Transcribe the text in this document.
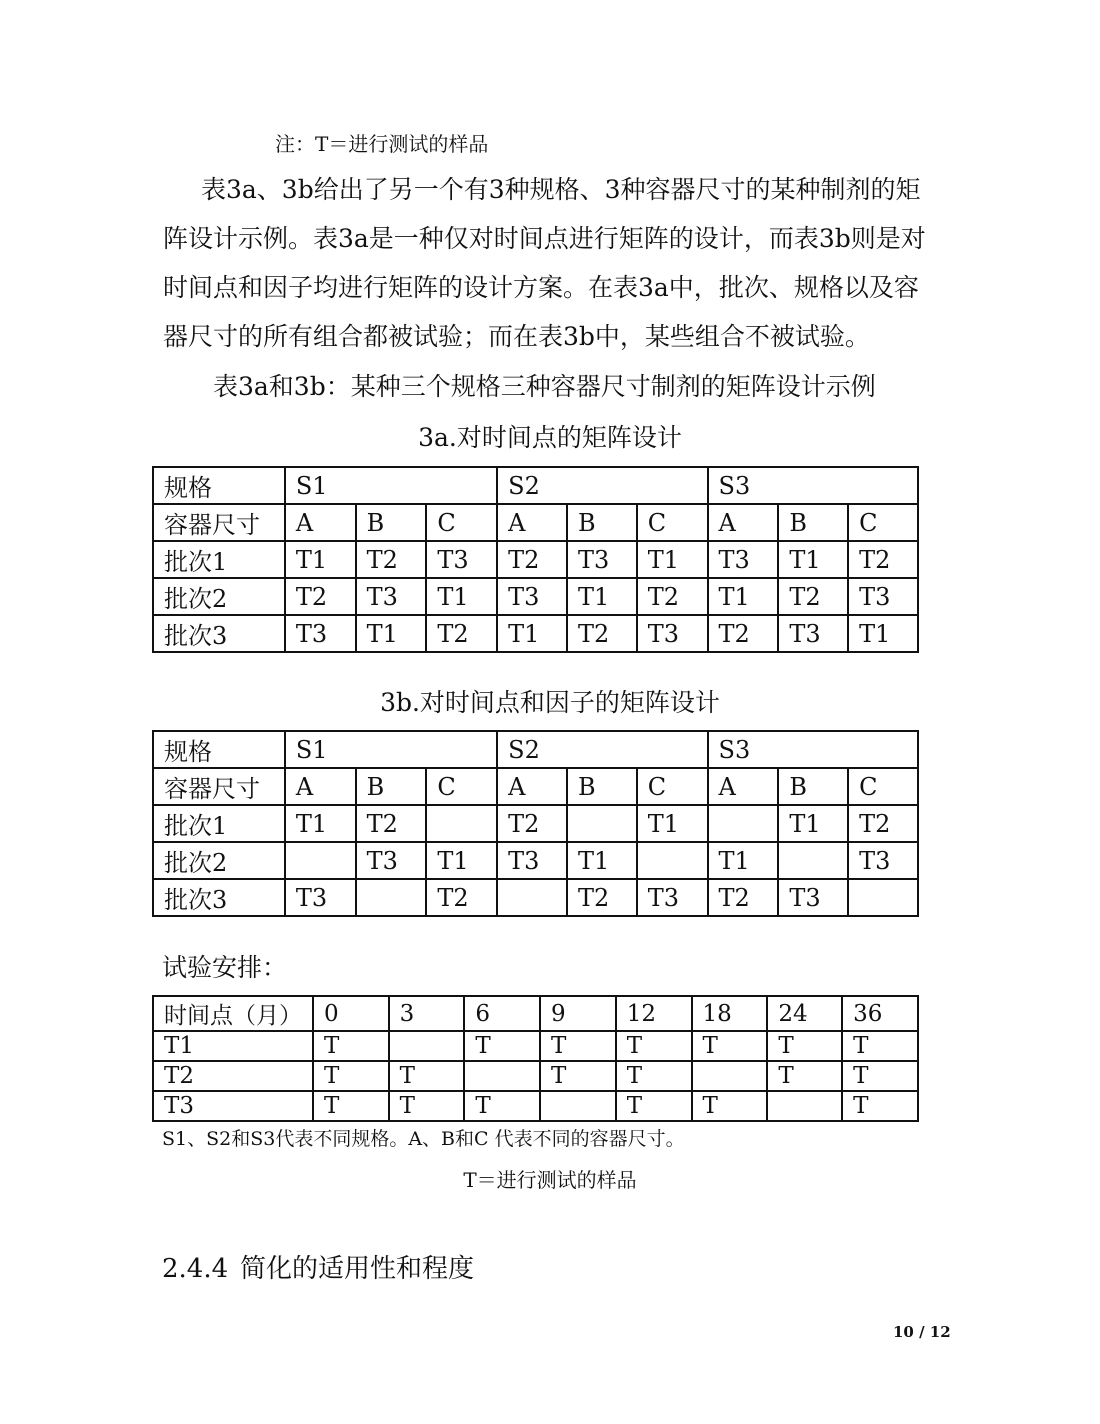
注：T＝进行测试的样品
表3a、3b给出了另一个有3种规格、3种容器尺寸的某种制剂的矩阵设计示例。表3a是一种仅对时间点进行矩阵的设计，而表3b则是对时间点和因子均进行矩阵的设计方案。在表3a中，批次、规格以及容器尺寸的所有组合都被试验；而在表3b中，某些组合不被试验。
表3a和3b：某种三个规格三种容器尺寸制剂的矩阵设计示例
3a.对时间点的矩阵设计
规格	S1			S2			S3		
容器尺寸	A	B	C	A	B	C	A	B	C
批次1	T1	T2	T3	T2	T3	T1	T3	T1	T2
批次2	T2	T3	T1	T3	T1	T2	T1	T2	T3
批次3	T3	T1	T2	T1	T2	T3	T2	T3	T1
3b.对时间点和因子的矩阵设计
规格	S1			S2			S3		
容器尺寸	A	B	C	A	B	C	A	B	C
批次1	T1	T2		T2		T1		T1	T2
批次2		T3	T1	T3	T1		T1		T3
批次3	T3		T2		T2	T3	T2	T3	
试验安排：
时间点（月）	0	3	6	9	12	18	24	36
T1	T		T	T	T	T	T	T
T2	T	T		T	T		T	T
T3	T	T	T		T	T		T
S1、S2和S3代表不同规格。A、B和C 代表不同的容器尺寸。
T＝进行测试的样品
2.4.4 简化的适用性和程度
10 / 12
